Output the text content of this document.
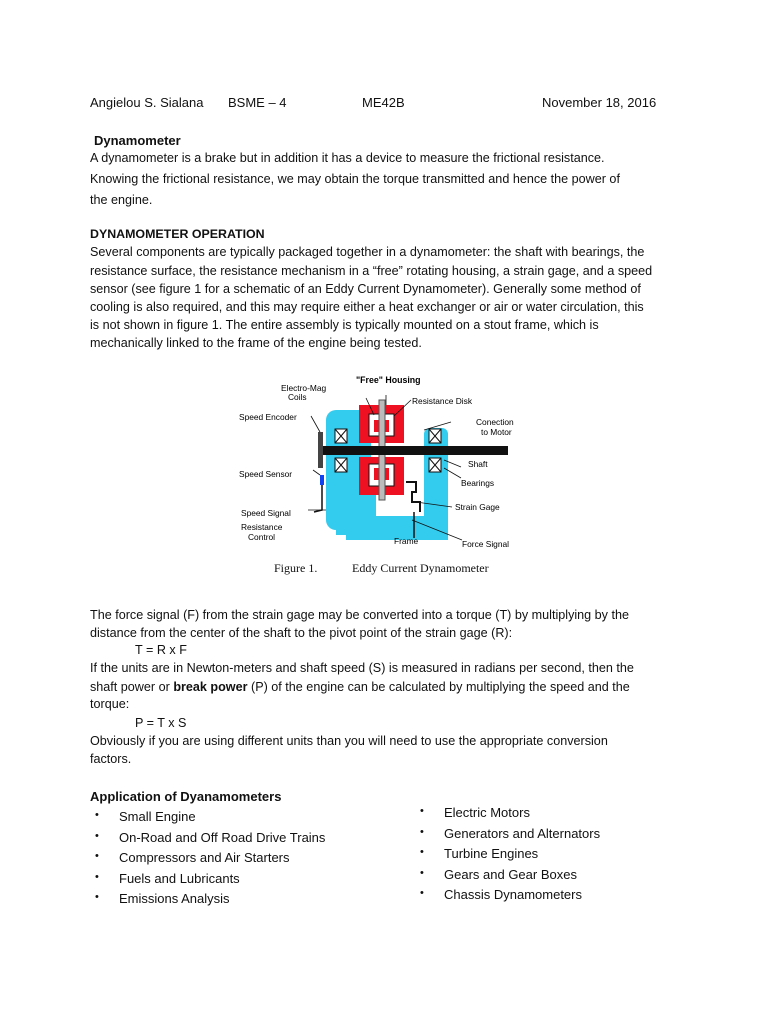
Angielou S. Sialana BSME – 4	ME42B	November 18, 2016
Dynamometer
A dynamometer is a brake but in addition it has a device to measure the frictional resistance.
Knowing the frictional resistance, we may obtain the torque transmitted and hence the power of
the engine.
DYNAMOMETER OPERATION
Several components are typically packaged together in a dynamometer: the shaft with bearings, the
resistance surface, the resistance mechanism in a “free” rotating housing, a strain gage, and a speed
sensor (see figure 1 for a schematic of an Eddy Current Dynamometer). Generally some method of
cooling is also required, and this may require either a heat exchanger or air or water circulation, this
is not shown in figure 1. The entire assembly is typically mounted on a stout frame, which is
mechanically linked to the frame of the engine being tested.
"Free" Housing
Electro-Mag
Coils	Resistance Disk
Speed Encoder	Conection
to Motor
Shaft
Speed Sensor
Bearings
Strain Gage
Speed Signal
Resistance
Control	Frame	Force Signal
Figure 1.	Eddy Current Dynamometer
The force signal (F) from the strain gage may be converted into a torque (T) by multiplying by the
distance from the center of the shaft to the pivot point of the strain gage (R):
T = R x F
If the units are in Newton-meters and shaft speed (S) is measured in radians per second, then the
shaft power or break power (P) of the engine can be calculated by multiplying the speed and the
torque:
P = T x S
Obviously if you are using different units than you will need to use the appropriate conversion
factors.
Application of Dyanamometers
• Small Engine
• On-Road and Off Road Drive Trains
• Compressors and Air Starters
• Fuels and Lubricants
• Emissions Analysis
• Electric Motors
• Generators and Alternators
• Turbine Engines
• Gears and Gear Boxes
• Chassis Dynamometers
